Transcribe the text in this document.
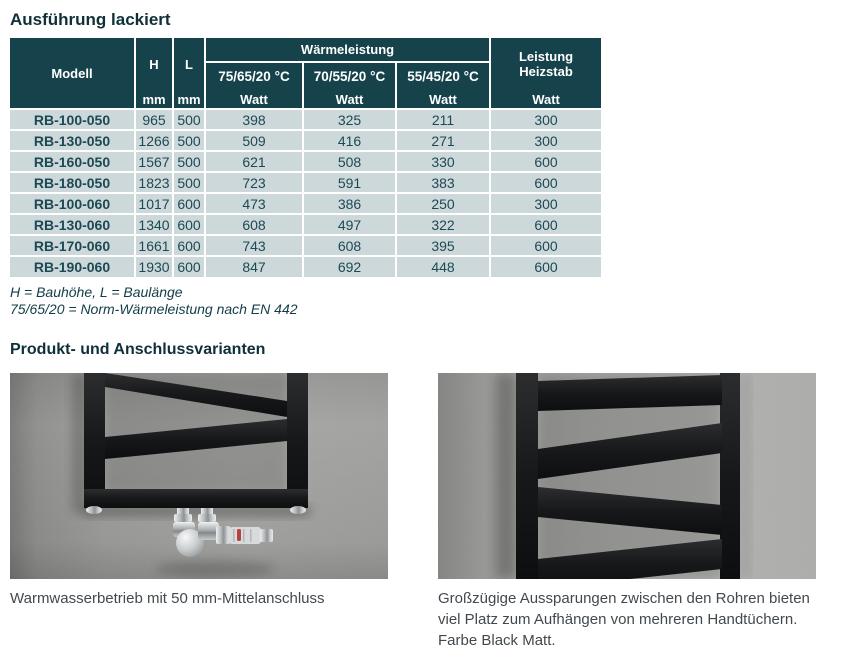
Ausführung lackiert
Modell	H	L	Wärmeleistung			Leistung Heizstab
			75/65/20 °C	70/55/20 °C	55/45/20 °C	
	mm	mm	Watt	Watt	Watt	Watt
RB-100-050	965	500	398	325	211	300
RB-130-050	1266	500	509	416	271	300
RB-160-050	1567	500	621	508	330	600
RB-180-050	1823	500	723	591	383	600
RB-100-060	1017	600	473	386	250	300
RB-130-060	1340	600	608	497	322	600
RB-170-060	1661	600	743	608	395	600
RB-190-060	1930	600	847	692	448	600

H = Bauhöhe, L = Baulänge

75/65/20 = Norm-Wärmeleistung nach EN 442

Produkt- und Anschlussvarianten

Warmwasserbetrieb mit 50 mm-Mittelanschluss	Großzügige Aussparungen zwischen den Rohren bieten viel Platz zum Aufhängen von mehreren Handtüchern. Farbe Black Matt.
